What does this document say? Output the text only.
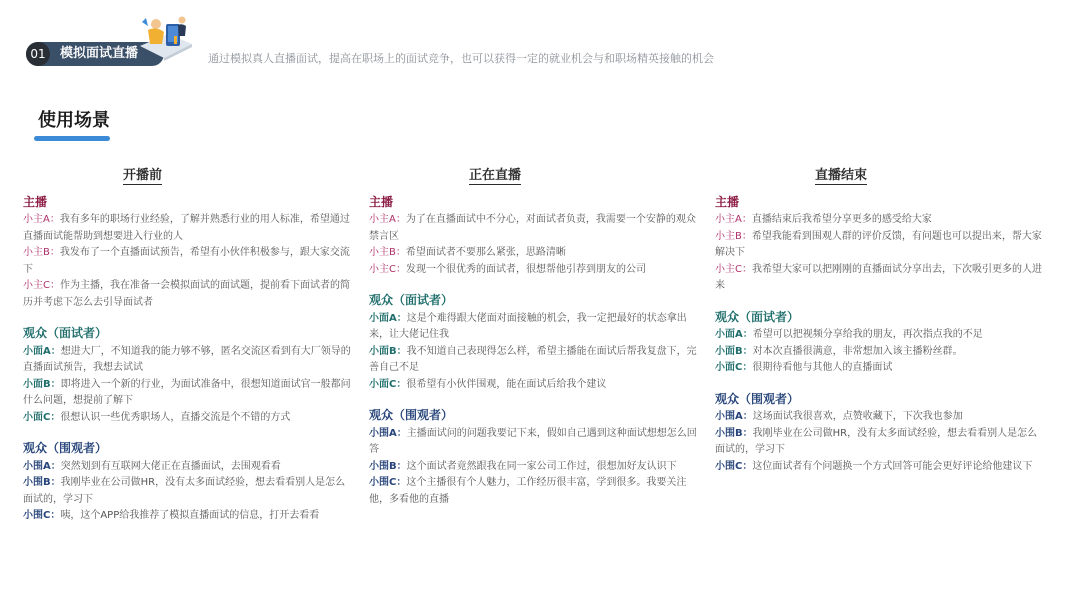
01	模拟面试直播	通过模拟真人直播面试，提高在职场上的面试竞争，也可以获得一定的就业机会与和职场精英接触的机会
使用场景
开播前
主播
小主A：我有多年的职场行业经验，了解并熟悉行业的用人标准，希望通过直播面试能帮助到想要进入行业的人
小主B：我发布了一个直播面试预告，希望有小伙伴积极参与，跟大家交流下
小主C：作为主播，我在准备一会模拟面试的面试题，提前看下面试者的简历并考虑下怎么去引导面试者
观众（面试者）
小面A：想进大厂，不知道我的能力够不够，匿名交流区看到有大厂领导的直播面试预告，我想去试试
小面B：即将进入一个新的行业，为面试准备中，很想知道面试官一般都问什么问题，想提前了解下
小面C：很想认识一些优秀职场人，直播交流是个不错的方式
观众（围观者）
小围A：突然划到有互联网大佬正在直播面试，去围观看看
小围B：我刚毕业在公司做HR，没有太多面试经验，想去看看别人是怎么面试的，学习下
小围C：咦，这个APP给我推荐了模拟直播面试的信息，打开去看看
正在直播
主播
小主A：为了在直播面试中不分心，对面试者负责，我需要一个安静的观众禁言区
小主B：希望面试者不要那么紧张，思路清晰
小主C：发现一个很优秀的面试者，很想帮他引荐到朋友的公司
观众（面试者）
小面A：这是个难得跟大佬面对面接触的机会，我一定把最好的状态拿出来，让大佬记住我
小面B：我不知道自己表现得怎么样，希望主播能在面试后帮我复盘下，完善自己不足
小面C：很希望有小伙伴围观，能在面试后给我个建议
观众（围观者）
小围A：主播面试问的问题我要记下来，假如自己遇到这种面试想想怎么回答
小围B：这个面试者竟然跟我在同一家公司工作过，很想加好友认识下
小围C：这个主播很有个人魅力，工作经历很丰富，学到很多。我要关注他，多看他的直播
直播结束
主播
小主A：直播结束后我希望分享更多的感受给大家
小主B：希望我能看到围观人群的评价反馈，有问题也可以提出来，帮大家解决下
小主C：我希望大家可以把刚刚的直播面试分享出去，下次吸引更多的人进来
观众（面试者）
小面A：希望可以把视频分享给我的朋友，再次指点我的不足
小面B：对本次直播很满意，非常想加入该主播粉丝群。
小面C：很期待看他与其他人的直播面试
观众（围观者）
小围A：这场面试我很喜欢，点赞收藏下，下次我也参加
小围B：我刚毕业在公司做HR，没有太多面试经验，想去看看别人是怎么面试的，学习下
小围C：这位面试者有个问题换一个方式回答可能会更好评论给他建议下
